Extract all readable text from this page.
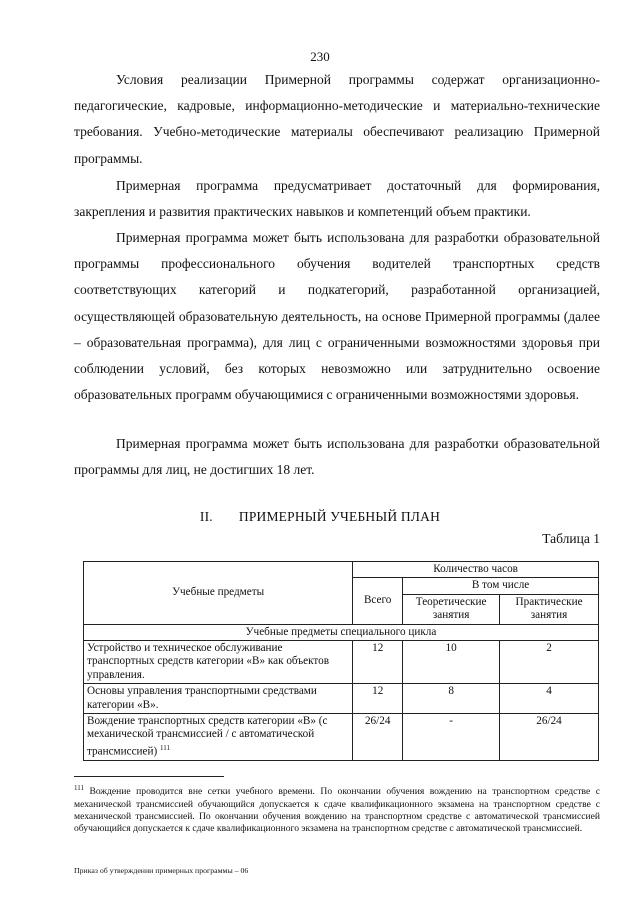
230

Условия реализации Примерной программы содержат организационно-педагогические, кадровые, информационно-методические и материально-технические требования. Учебно-методические материалы обеспечивают реализацию Примерной программы.

Примерная программа предусматривает достаточный для формирования, закрепления и развития практических навыков и компетенций объем практики.

Примерная программа может быть использована для разработки образовательной программы профессионального обучения водителей транспортных средств соответствующих категорий и подкатегорий, разработанной организацией, осуществляющей образовательную деятельность, на основе Примерной программы (далее – образовательная программа), для лиц с ограниченными возможностями здоровья при соблюдении условий, без которых невозможно или затруднительно освоение образовательных программ обучающимися с ограниченными возможностями здоровья.

Примерная программа может быть использована для разработки образовательной программы для лиц, не достигших 18 лет.

II. ПРИМЕРНЫЙ УЧЕБНЫЙ ПЛАН
Таблица 1
Учебные предметы	Количество часов		
	Всего	В том числе	
		Теоретические занятия	Практические занятия
Учебные предметы специального цикла			
Устройство и техническое обслуживание транспортных средств категории «B» как объектов управления.	12	10	2
Основы управления транспортными средствами категории «B».	12	8	4
Вождение транспортных средств категории «B» (с механической трансмиссией / с автоматической трансмиссией) $^{111}$	26/24	-	26/24

$^{111}$ Вождение проводится вне сетки учебного времени. По окончании обучения вождению на транспортном средстве с механической трансмиссией обучающийся допускается к сдаче квалификационного экзамена на транспортном средстве с механической трансмиссией. По окончании обучения вождению на транспортном средстве с автоматической трансмиссией обучающийся допускается к сдаче квалификационного экзамена на транспортном средстве с автоматической трансмиссией.

Приказ об утверждении примерных программы – 06
